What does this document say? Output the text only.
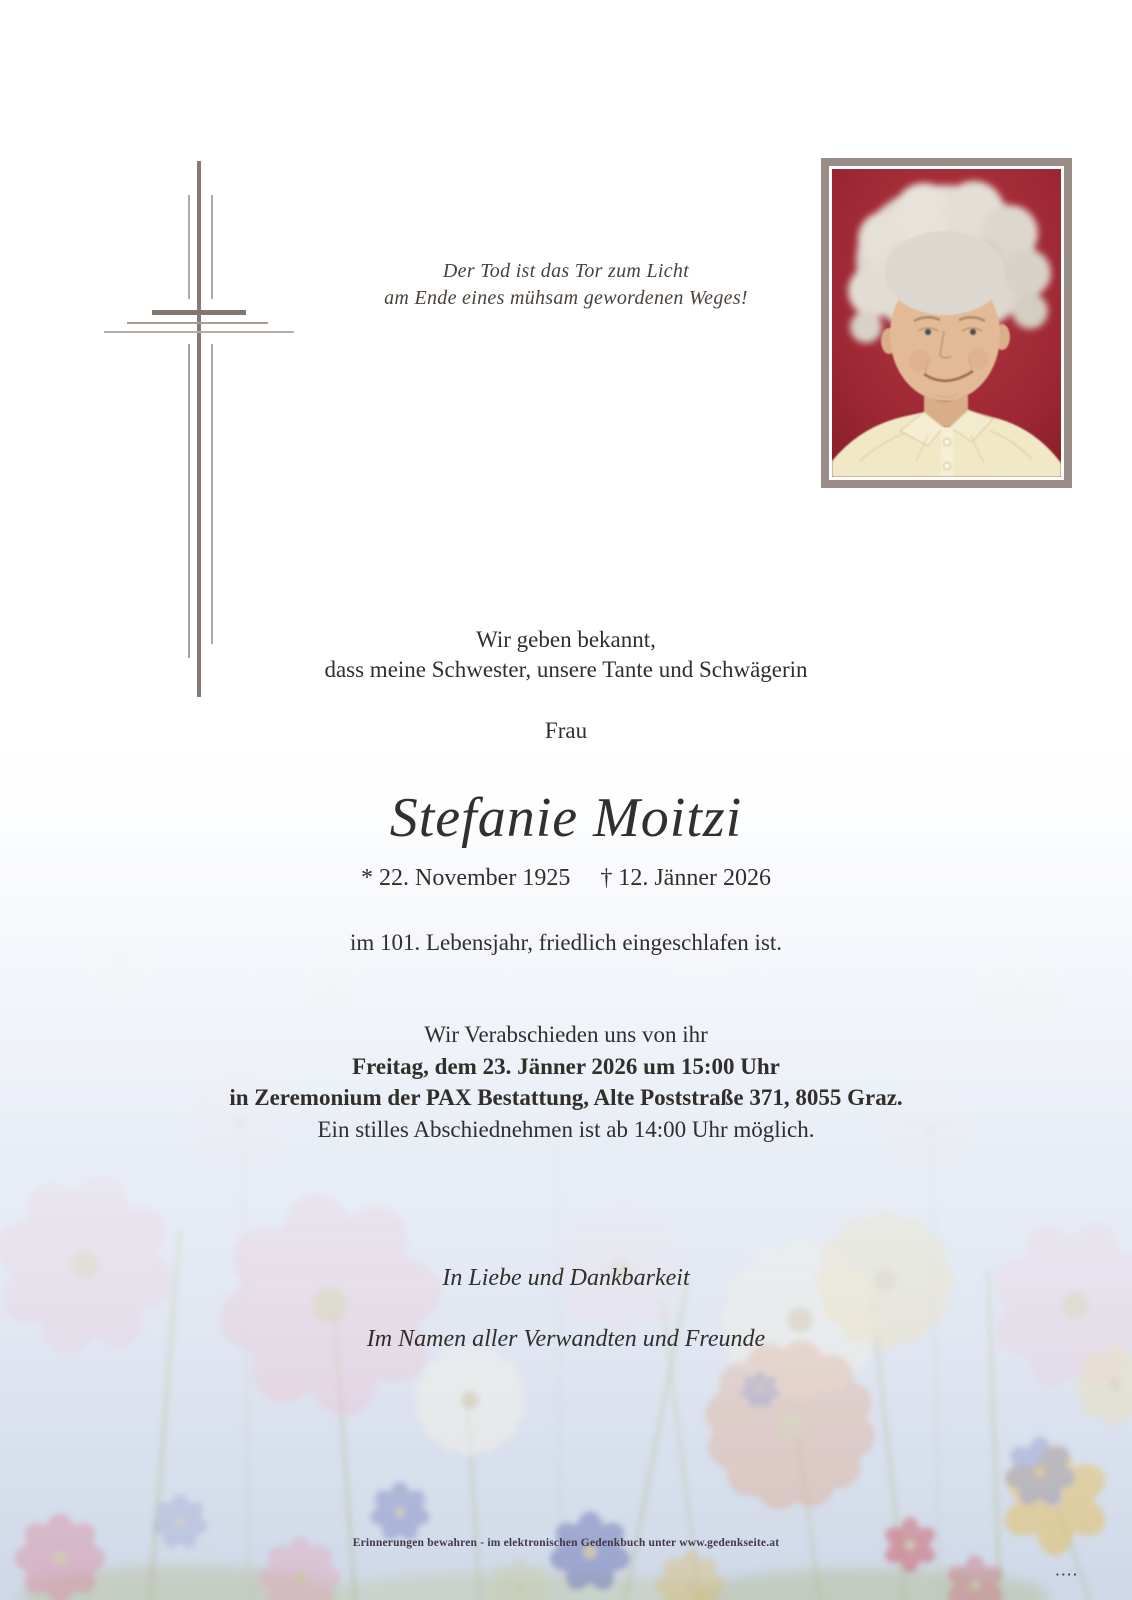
Der Tod ist das Tor zum Licht
am Ende eines mühsam gewordenen Weges!
Wir geben bekannt,
dass meine Schwester, unsere Tante und Schwägerin
Frau
Stefanie Moitzi
* 22. November 1925 † 12. Jänner 2026
im 101. Lebensjahr, friedlich eingeschlafen ist.
Wir Verabschieden uns von ihr
Freitag, dem 23. Jänner 2026 um 15:00 Uhr
in Zeremonium der PAX Bestattung, Alte Poststraße 371, 8055 Graz.
Ein stilles Abschiednehmen ist ab 14:00 Uhr möglich.
In Liebe und Dankbarkeit
Im Namen aller Verwandten und Freunde
Erinnerungen bewahren - im elektronischen Gedenkbuch unter www.gedenkseite.at
▪▪▪▪
